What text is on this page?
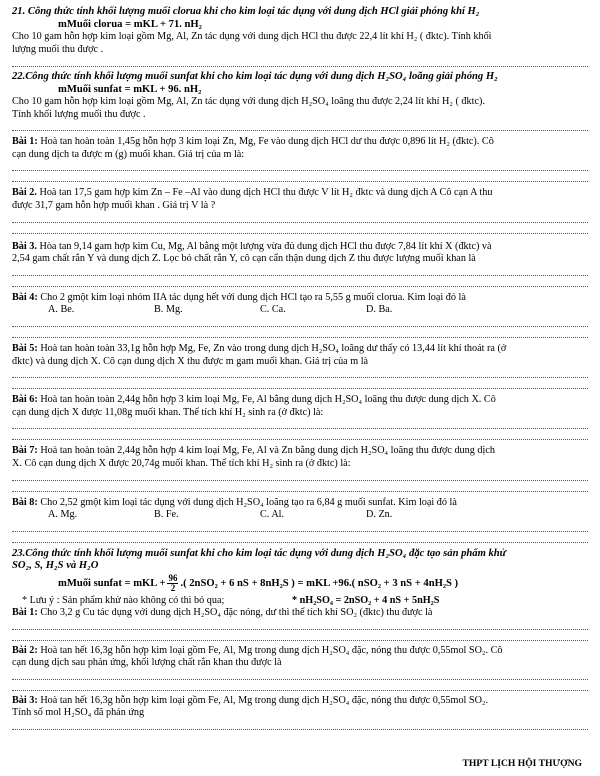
21. Công thức tính khối lượng muối clorua khi cho kim loại tác dụng với dung dịch HCl giải phóng khí H₂
mMuối clorua = mKL + 71. nH₂
Cho 10 gam hỗn hợp kim loại gồm Mg, Al, Zn tác dụng với dung dịch HCl thu được 22,4 lít khí H₂ ( đktc). Tính khối
lượng muối thu được .
22.Công thức tính khối lượng muối sunfat khi cho kim loại tác dụng với dung dịch H₂SO₄ loãng giải phóng H₂
mMuối sunfat = mKL + 96. nH₂
Cho 10 gam hỗn hợp kim loại gồm Mg, Al, Zn tác dụng với dung dịch H₂SO₄ loãng thu được 2,24 lít khí H₂ ( đktc).
Tính khối lượng muối thu được .
Bài 1: Hoà tan hoàn toàn 1,45g hỗn hợp 3 kim loại Zn, Mg, Fe vào dung dịch HCl dư thu được 0,896 lít H₂ (đktc). Cô
cạn dung dịch ta được m (g) muối khan. Giá trị của m là:
Bài 2. Hoà tan 17,5 gam hợp kim Zn – Fe –Al vào dung dịch HCl thu được V lít H₂ đktc và dung dịch A Cô cạn A thu
được 31,7 gam hỗn hợp muối khan . Giá trị V là ?
Bài 3. Hòa tan 9,14 gam hợp kim Cu, Mg, Al bằng một lượng vừa đủ dung dịch HCl thu được 7,84 lít khí X (đktc) và
2,54 gam chất rắn Y và dung dịch Z. Lọc bỏ chất rắn Y, cô cạn cẩn thận dung dịch Z thu được lượng muối khan là
Bài 4: Cho 2 gmột kim loại nhóm IIA tác dụng hết với dung dịch HCl tạo ra 5,55 g muối clorua. Kim loại đó là
A. Be.	B. Mg.	C. Ca.	D. Ba.
Bài 5: Hoà tan hoàn toàn 33,1g hỗn hợp Mg, Fe, Zn vào trong dung dịch H₂SO₄ loãng dư thấy có 13,44 lít khí thoát ra (ở
đktc) và dung dịch X. Cô cạn dung dịch X thu được m gam muối khan. Giá trị của m là
Bài 6: Hoà tan hoàn toàn 2,44g hỗn hợp 3 kim loại Mg, Fe, Al bằng dung dịch H₂SO₄ loãng thu được dung dịch X. Cô
cạn dung dịch X được 11,08g muối khan. Thể tích khí H₂ sinh ra (ở đktc) là:
Bài 7: Hoà tan hoàn toàn 2,44g hỗn hợp 4 kim loại Mg, Fe, Al và Zn bằng dung dịch H₂SO₄ loãng thu được dung dịch
X. Cô cạn dung dịch X được 20,74g muối khan. Thể tích khí H₂ sinh ra (ở đktc) là:
Bài 8: Cho 2,52 gmột kim loại tác dụng với dung dịch H₂SO₄ loãng tạo ra 6,84 g muối sunfat. Kim loại đó là
A. Mg.	B. Fe.	C. Al.	D. Zn.
23.Công thức tính khối lượng muối sunfat khi cho kim loại tác dụng với dung dịch H₂SO₄ đặc tạo sản phẩm khử
SO₂, S, H₂S và H₂O
mMuối sunfat = mKL + $\frac{96}{2}$ .( 2nSO₂ + 6 nS + 8nH₂S ) = mKL +96.( nSO₂ + 3 nS + 4nH₂S )
* Lưu ý : Sản phẩm khử nào không có thì bỏ qua;	* nH₂SO₄ = 2nSO₂ + 4 nS + 5nH₂S
Bài 1: Cho 3,2 g Cu tác dụng với dung dịch H₂SO₄ đặc nóng, dư thì thể tích khí SO₂ (đktc) thu được là
Bài 2: Hoà tan hết 16,3g hỗn hợp kim loại gồm Fe, Al, Mg trong dung dịch H₂SO₄ đặc, nóng thu được 0,55mol SO₂. Cô
cạn dung dịch sau phản ứng, khối lượng chất rắn khan thu được là
Bài 3: Hoà tan hết 16,3g hỗn hợp kim loại gồm Fe, Al, Mg trong dung dịch H₂SO₄ đặc, nóng thu được 0,55mol SO₂.
Tính số mol H₂SO₄ đã phản ứng
THPT LỊCH HỘI THƯỢNG
